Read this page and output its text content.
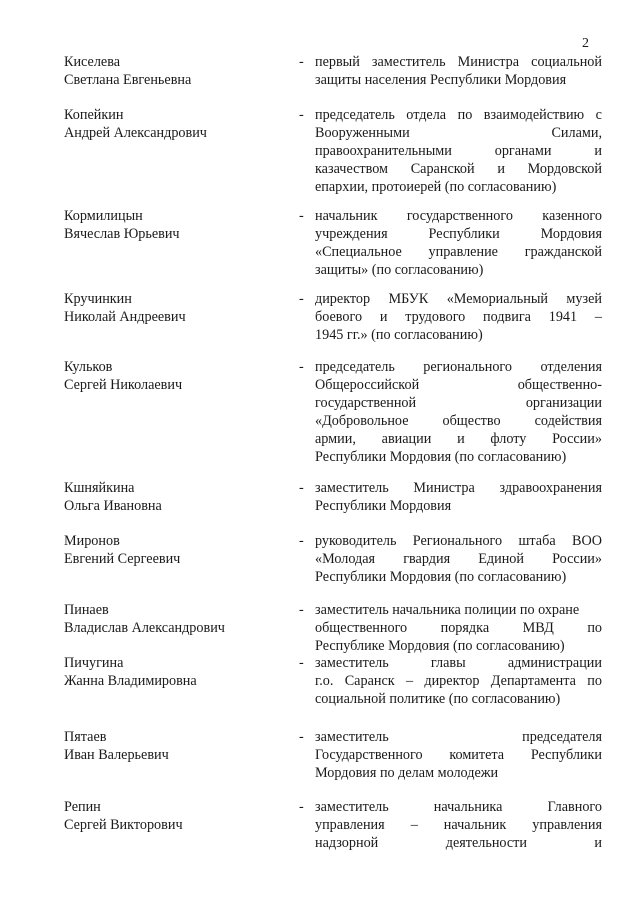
2
Киселева
Светлана Евгеньевна
- первый заместитель Министра социальной
защиты населения Республики Мордовия
Копейкин
Андрей Александрович
- председатель отдела по взаимодействию с
Вооруженными	Силами,
правоохранительными	органами	и
казачеством Саранской и Мордовской
епархии, протоиерей (по согласованию)
Кормилицын
Вячеслав Юрьевич
- начальник государственного казенного
учреждения	Республики	Мордовия
«Специальное управление гражданской
защиты» (по согласованию)
Кручинкин
Николай Андреевич
- директор МБУК «Мемориальный музей
боевого и трудового подвига 1941 –
1945 гг.» (по согласованию)
Кульков
Сергей Николаевич
- председатель регионального отделения
Общероссийской	общественно-
государственной	организации
«Добровольное общество содействия
армии, авиации и флоту России»
Республики Мордовия (по согласованию)
Кшняйкина
Ольга Ивановна
- заместитель Министра здравоохранения
Республики Мордовия
Миронов
Евгений Сергеевич
- руководитель Регионального штаба ВОО
«Молодая гвардия Единой России»
Республики Мордовия (по согласованию)
Пинаев
Владислав Александрович
- заместитель начальника полиции по охране
общественного порядка МВД по
Республике Мордовия (по согласованию)
Пичугина
Жанна Владимировна
- заместитель	главы	администрации
г.о. Саранск – директор Департамента по
социальной политике (по согласованию)
Пятаев
Иван Валерьевич
- заместитель	председателя
Государственного комитета Республики
Мордовия по делам молодежи
Репин
Сергей Викторович
- заместитель	начальника	Главного
управления – начальник управления
надзорной	деятельности	и
